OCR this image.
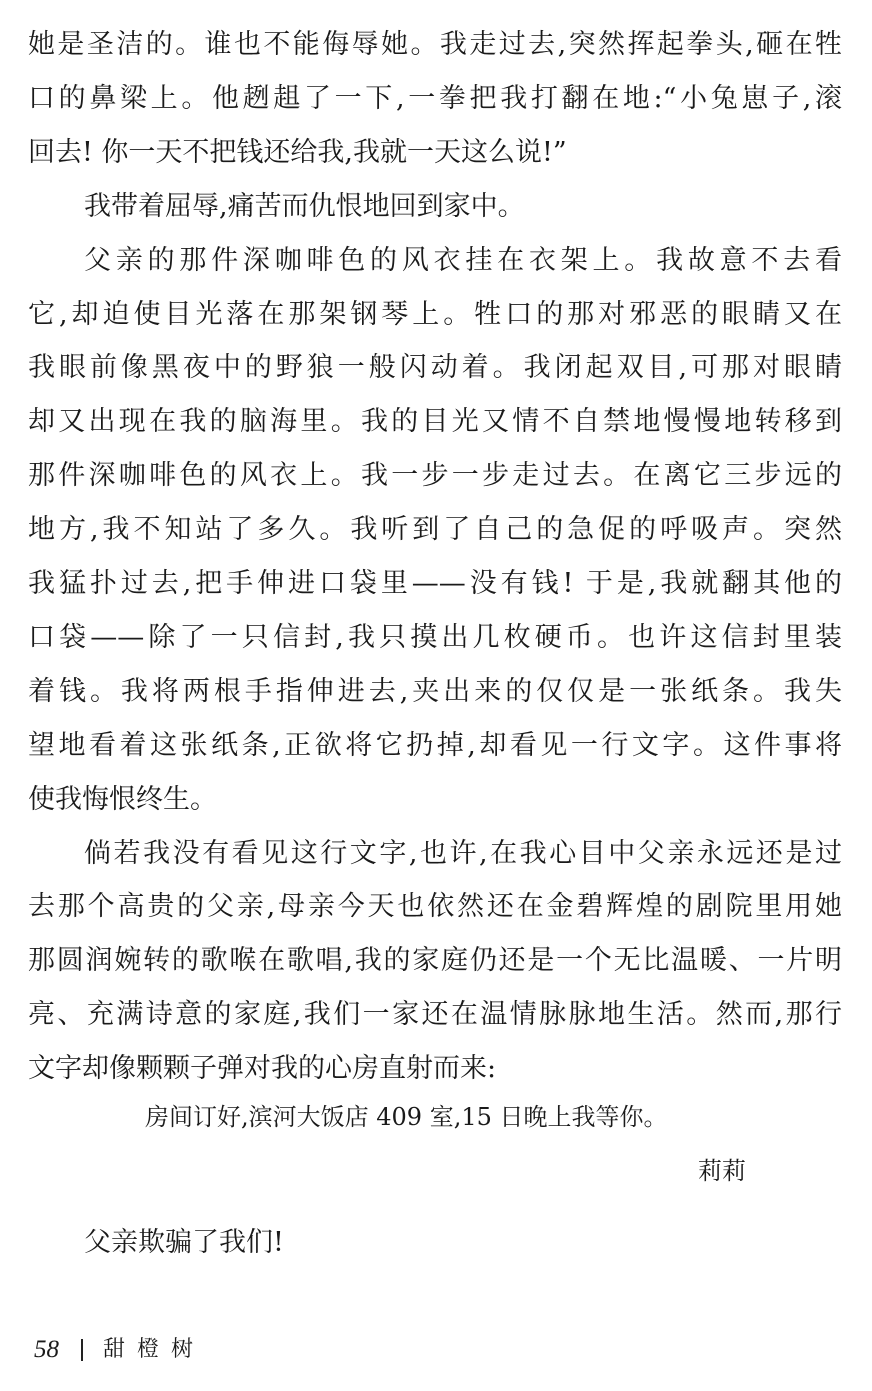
她是圣洁的。谁也不能侮辱她。我走过去,突然挥起拳头,砸在牲
口的鼻梁上。他趔趄了一下,一拳把我打翻在地:“小兔崽子,滚
回去! 你一天不把钱还给我,我就一天这么说!”
我带着屈辱,痛苦而仇恨地回到家中。
父亲的那件深咖啡色的风衣挂在衣架上。我故意不去看
它,却迫使目光落在那架钢琴上。牲口的那对邪恶的眼睛又在
我眼前像黑夜中的野狼一般闪动着。我闭起双目,可那对眼睛
却又出现在我的脑海里。我的目光又情不自禁地慢慢地转移到
那件深咖啡色的风衣上。我一步一步走过去。在离它三步远的
地方,我不知站了多久。我听到了自己的急促的呼吸声。突然
我猛扑过去,把手伸进口袋里——没有钱! 于是,我就翻其他的
口袋——除了一只信封,我只摸出几枚硬币。也许这信封里装
着钱。我将两根手指伸进去,夹出来的仅仅是一张纸条。我失
望地看着这张纸条,正欲将它扔掉,却看见一行文字。这件事将
使我悔恨终生。
倘若我没有看见这行文字,也许,在我心目中父亲永远还是过
去那个高贵的父亲,母亲今天也依然还在金碧辉煌的剧院里用她
那圆润婉转的歌喉在歌唱,我的家庭仍还是一个无比温暖、一片明
亮、充满诗意的家庭,我们一家还在温情脉脉地生活。然而,那行
文字却像颗颗子弹对我的心房直射而来:
房间订好,滨河大饭店 409 室,15 日晚上我等你。
莉莉
父亲欺骗了我们!
58 甜橙树
